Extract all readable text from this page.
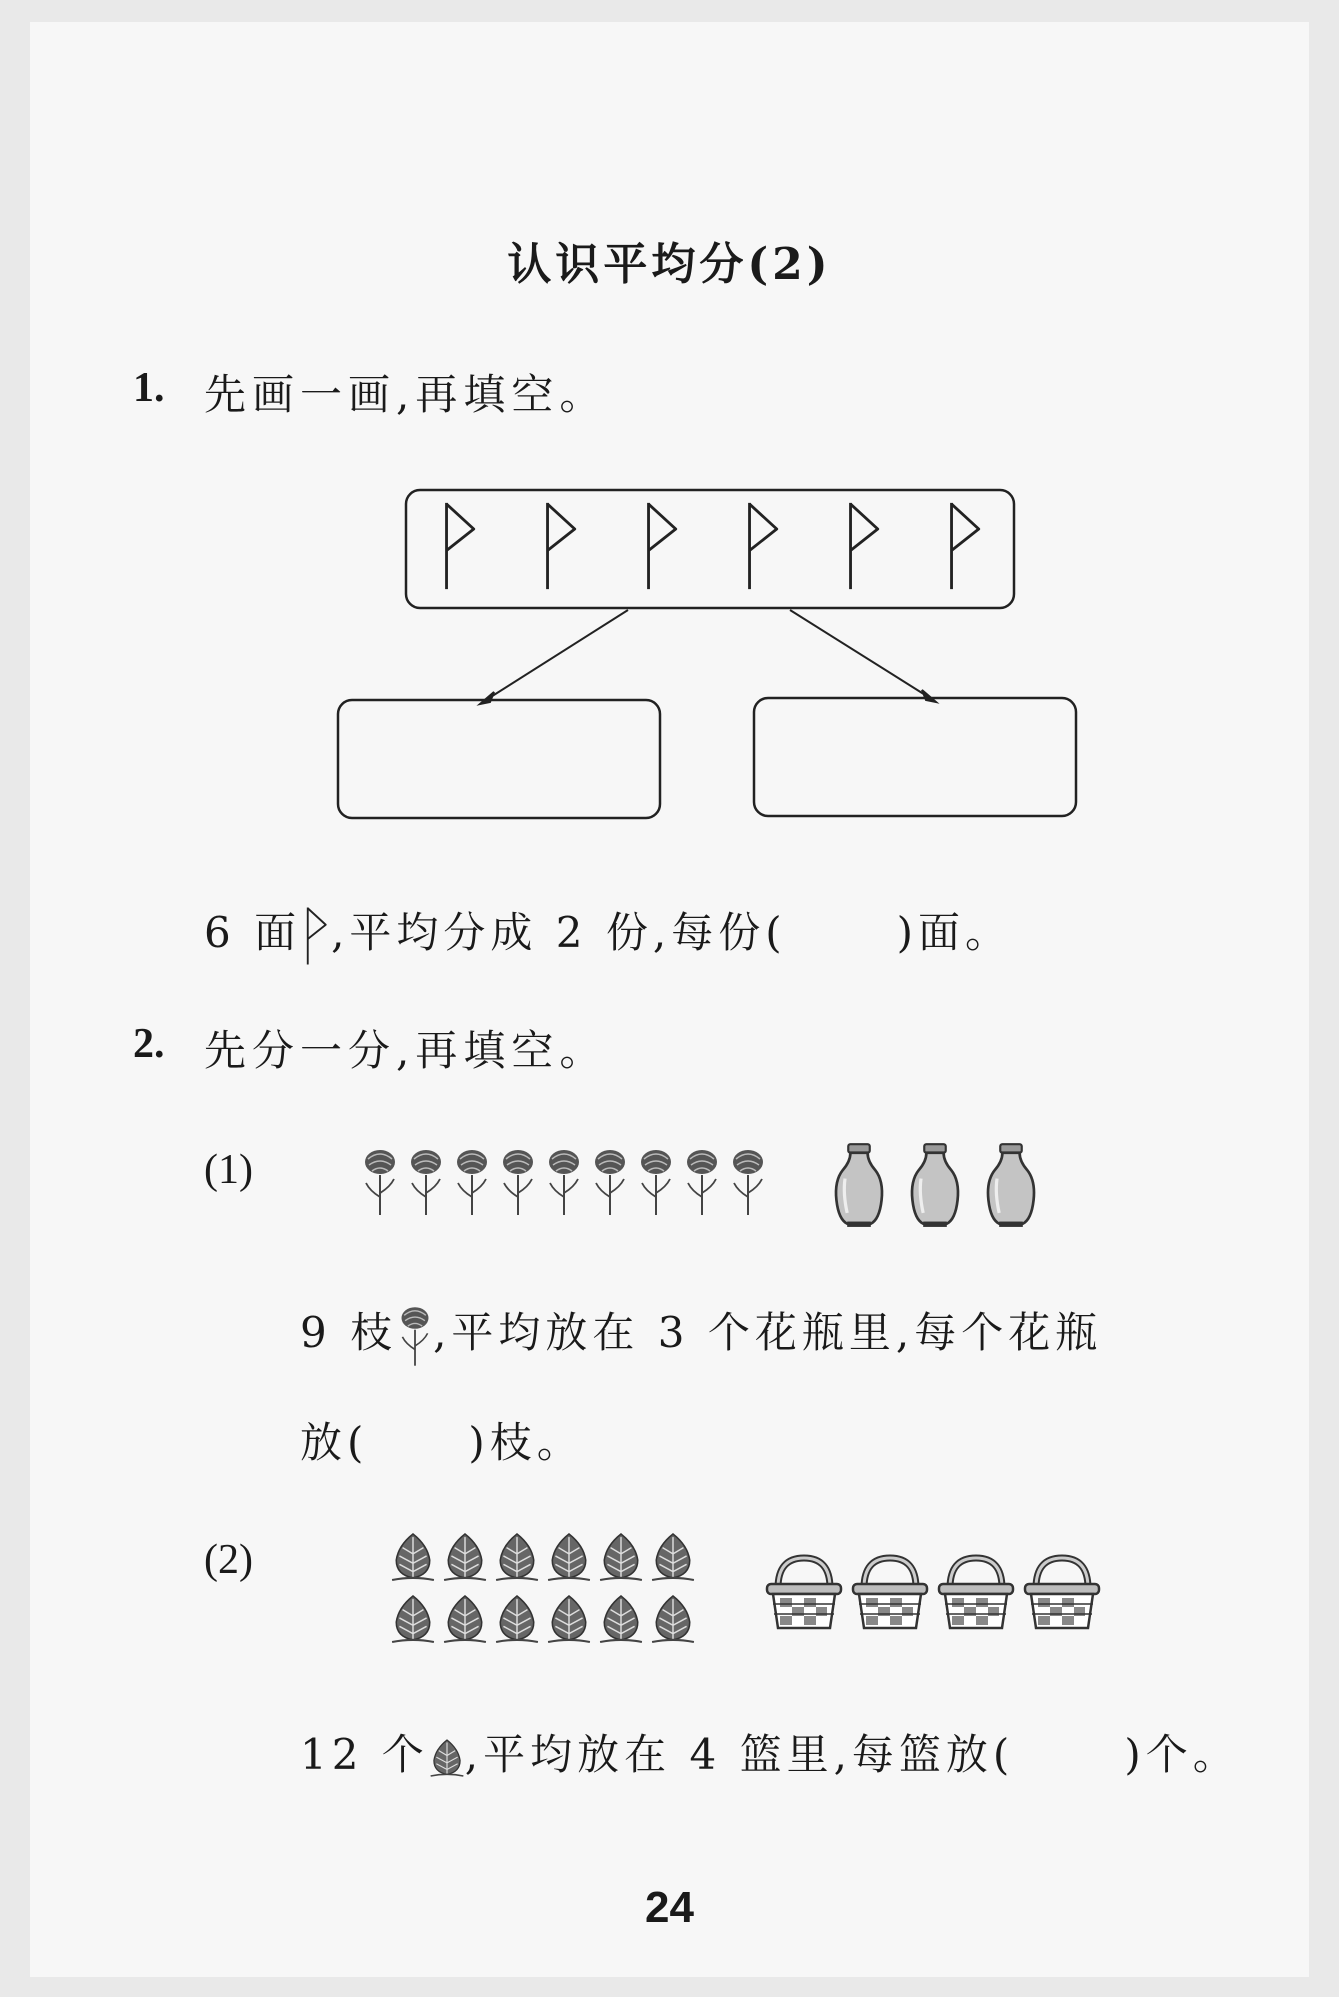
认识平均分(2)
1. 先画一画,再填空。
6 面 ,平均分成 2 份,每份(	)面。
2. 先分一分,再填空。
(1)
9 枝 ,平均放在 3 个花瓶里,每个花瓶
放( )枝。
(2)
12 个 ,平均放在 4 篮里,每篮放(	)个。
24
